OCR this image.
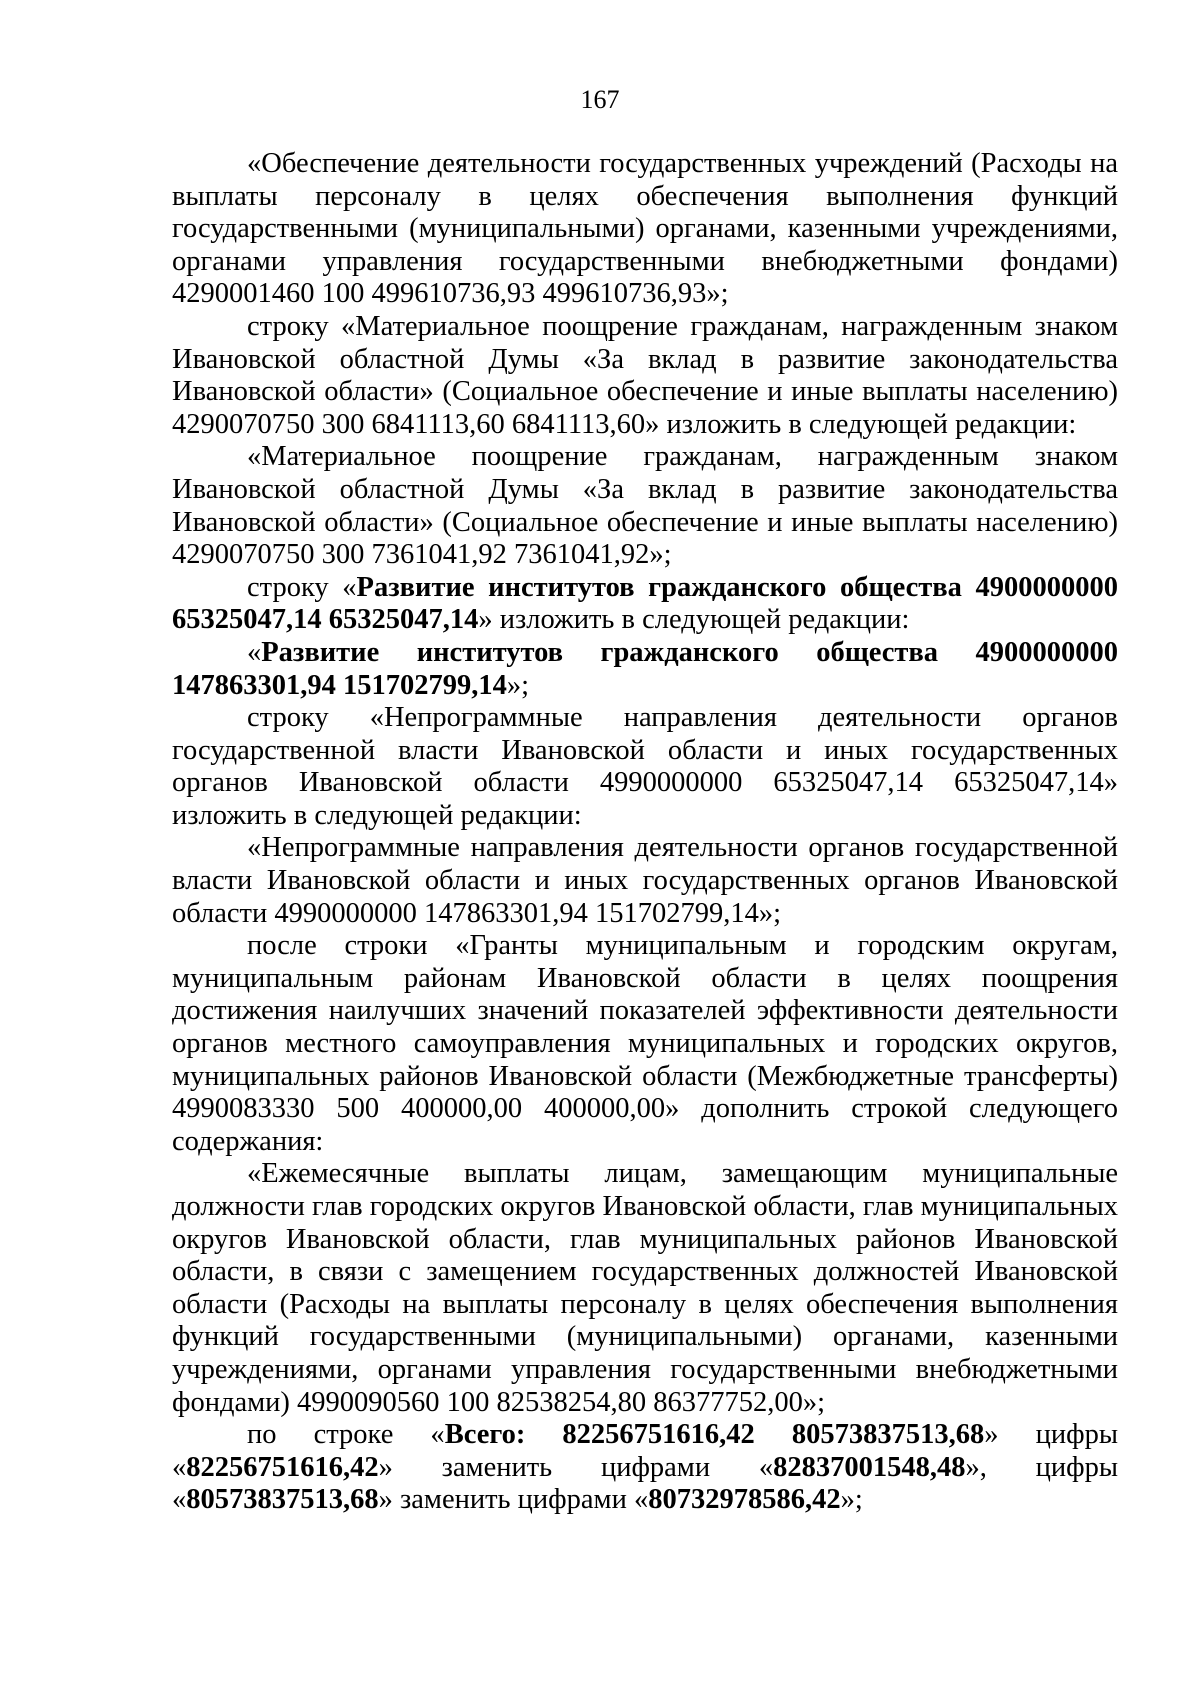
167

«Обеспечение деятельности государственных учреждений (Расходы на выплаты персоналу в целях обеспечения выполнения функций государственными (муниципальными) органами, казенными учреждениями, органами управления государственными внебюджетными фондами) 4290001460 100 499610736,93 499610736,93»;

строку «Материальное поощрение гражданам, награжденным знаком Ивановской областной Думы «За вклад в развитие законодательства Ивановской области» (Социальное обеспечение и иные выплаты населению) 4290070750 300 6841113,60 6841113,60» изложить в следующей редакции:

«Материальное поощрение гражданам, награжденным знаком Ивановской областной Думы «За вклад в развитие законодательства Ивановской области» (Социальное обеспечение и иные выплаты населению) 4290070750 300 7361041,92 7361041,92»;

строку «Развитие институтов гражданского общества 4900000000 65325047,14 65325047,14» изложить в следующей редакции:

«Развитие институтов гражданского общества 4900000000 147863301,94 151702799,14»;

строку «Непрограммные направления деятельности органов государственной власти Ивановской области и иных государственных органов Ивановской области 4990000000 65325047,14 65325047,14» изложить в следующей редакции:

«Непрограммные направления деятельности органов государственной власти Ивановской области и иных государственных органов Ивановской области 4990000000 147863301,94 151702799,14»;

после строки «Гранты муниципальным и городским округам, муниципальным районам Ивановской области в целях поощрения достижения наилучших значений показателей эффективности деятельности органов местного самоуправления муниципальных и городских округов, муниципальных районов Ивановской области (Межбюджетные трансферты) 4990083330 500 400000,00 400000,00» дополнить строкой следующего содержания:

«Ежемесячные выплаты лицам, замещающим муниципальные должности глав городских округов Ивановской области, глав муниципальных округов Ивановской области, глав муниципальных районов Ивановской области, в связи с замещением государственных должностей Ивановской области (Расходы на выплаты персоналу в целях обеспечения выполнения функций государственными (муниципальными) органами, казенными учреждениями, органами управления государственными внебюджетными фондами) 4990090560 100 82538254,80 86377752,00»;

по строке «Всего: 82256751616,42 80573837513,68» цифры «82256751616,42» заменить цифрами «82837001548,48», цифры «80573837513,68» заменить цифрами «80732978586,42»;
